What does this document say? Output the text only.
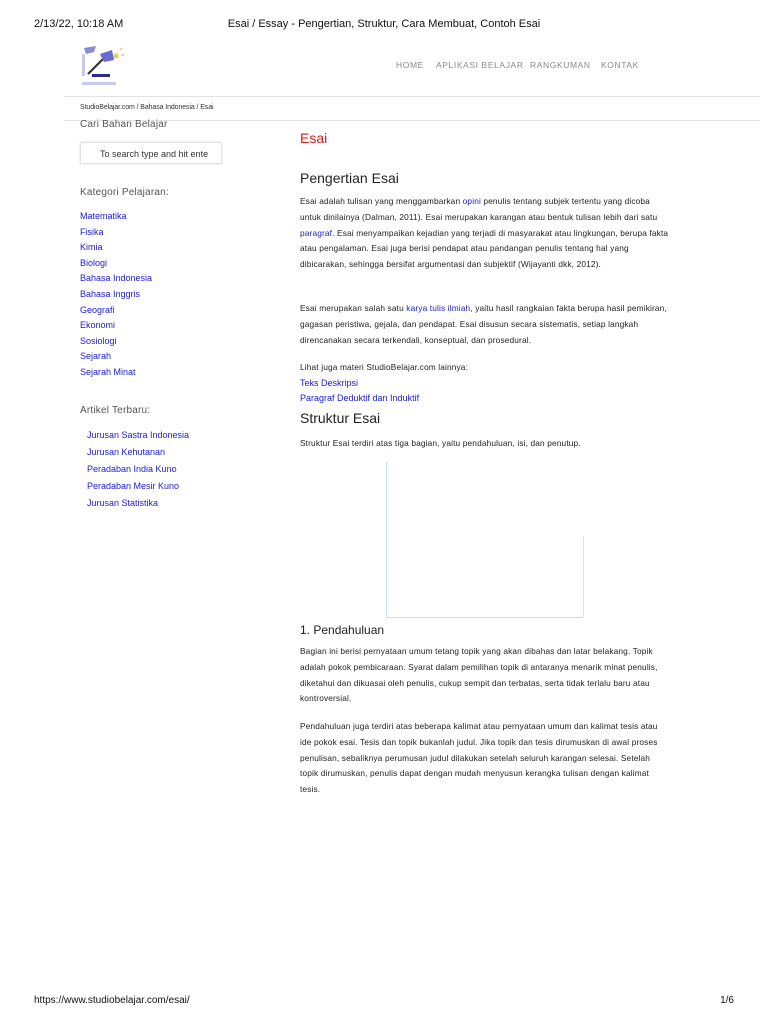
2/13/22, 10:18 AM	Esai / Essay - Pengertian, Struktur, Cara Membuat, Contoh Esai
HOME	APLIKASI BELAJAR RANGKUMAN	KONTAK
StudioBelajar.com / Bahasa Indonesia / Esai
Cari Bahan Belajar
To search type and hit ente
Kategori Pelajaran:
Matematika
Fisika
Kimia
Biologi
Bahasa Indonesia
Bahasa Inggris
Geografi
Ekonomi
Sosiologi
Sejarah
Sejarah Minat
Artikel Terbaru:
Jurusan Sastra Indonesia
Jurusan Kehutanan
Peradaban India Kuno
Peradaban Mesir Kuno
Jurusan Statistika
Esai
Pengertian Esai
Esai adalah tulisan yang menggambarkan opini penulis tentang subjek tertentu yang dicoba untuk dinilainya (Dalman, 2011). Esai merupakan karangan atau bentuk tulisan lebih dari satu paragraf. Esai menyampaikan kejadian yang terjadi di masyarakat atau lingkungan, berupa fakta atau pengalaman. Esai juga berisi pendapat atau pandangan penulis tentang hal yang dibicarakan, sehingga bersifat argumentasi dan subjektif (Wijayanti dkk, 2012).
Esai merupakan salah satu karya tulis ilmiah, yaitu hasil rangkaian fakta berupa hasil pemikiran, gagasan peristiwa, gejala, dan pendapat. Esai disusun secara sistematis, setiap langkah direncanakan secara terkendali, konseptual, dan prosedural.
Lihat juga materi StudioBelajar.com lainnya:
Teks Deskripsi
Paragraf Deduktif dan Induktif
Struktur Esai
Struktur Esai terdiri atas tiga bagian, yaitu pendahuluan, isi, dan penutup.
1. Pendahuluan
Bagian ini berisi pernyataan umum tetang topik yang akan dibahas dan latar belakang. Topik adalah pokok pembicaraan. Syarat dalam pemilihan topik di antaranya menarik minat penulis, diketahui dan dikuasai oleh penulis, cukup sempit dan terbatas, serta tidak terlalu baru atau kontroversial.
Pendahuluan juga terdiri atas beberapa kalimat atau pernyataan umum dan kalimat tesis atau ide pokok esai. Tesis dan topik bukanlah judul. Jika topik dan tesis dirumuskan di awal proses penulisan, sebaliknya perumusan judul dilakukan setelah seluruh karangan selesai. Setelah topik dirumuskan, penulis dapat dengan mudah menyusun kerangka tulisan dengan kalimat tesis.
https://www.studiobelajar.com/esai/	1/6
